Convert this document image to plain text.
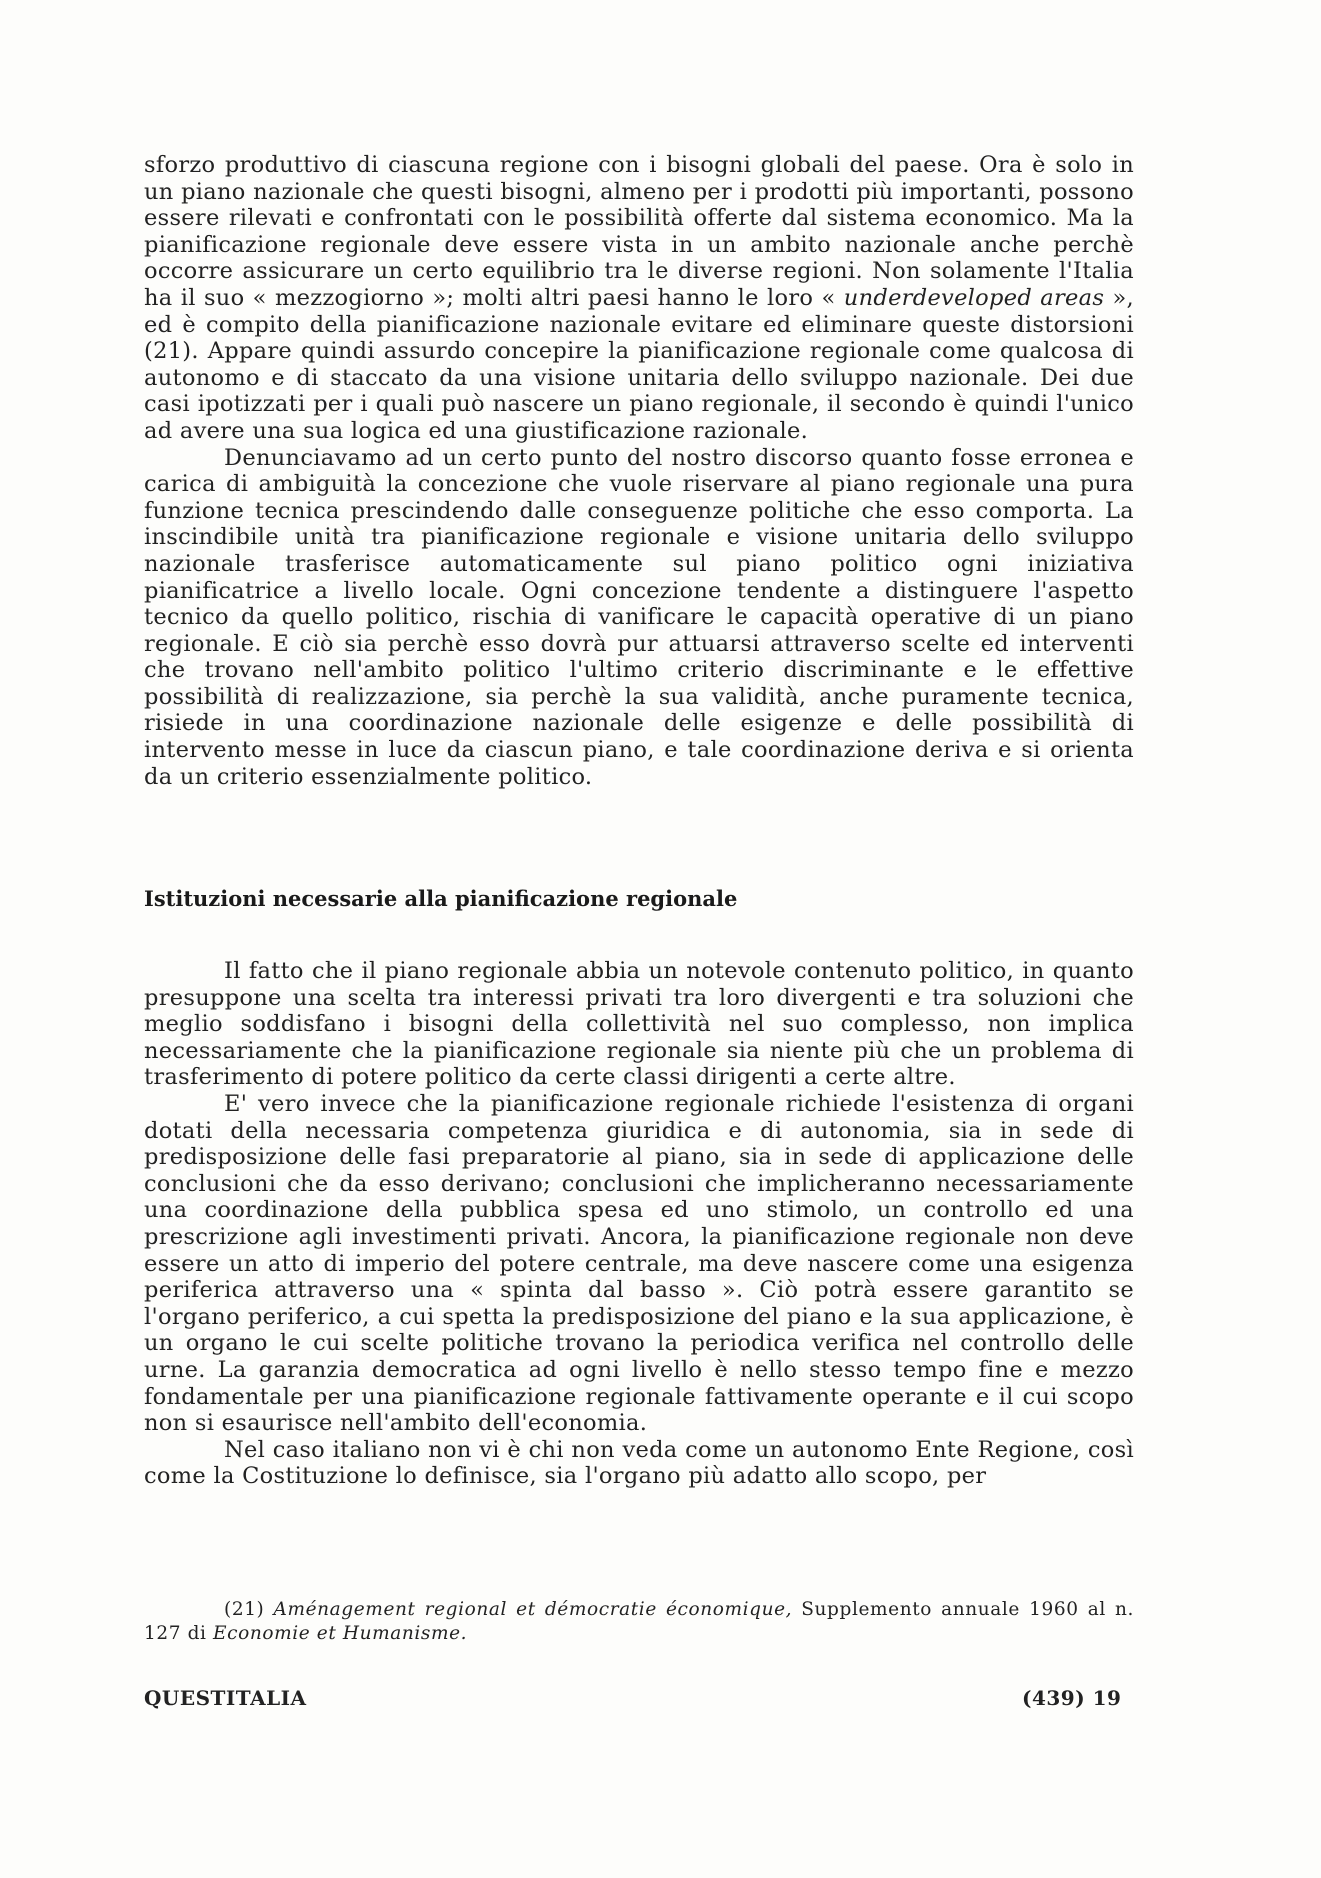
sforzo produttivo di ciascuna regione con i bisogni globali del paese. Ora è solo in un piano nazionale che questi bisogni, almeno per i prodotti più importanti, possono essere rilevati e confrontati con le possibilità offerte dal sistema economico. Ma la pianificazione regionale deve essere vista in un ambito nazionale anche perchè occorre assicurare un certo equilibrio tra le diverse regioni. Non solamente l'Italia ha il suo « mezzogiorno »; molti altri paesi hanno le loro « underdeveloped areas », ed è compito della pianificazione nazionale evitare ed eliminare queste distorsioni (21). Appare quindi assurdo concepire la pianificazione regionale come qualcosa di autonomo e di staccato da una visione unitaria dello sviluppo nazionale. Dei due casi ipotizzati per i quali può nascere un piano regionale, il secondo è quindi l'unico ad avere una sua logica ed una giustificazione razionale.

Denunciavamo ad un certo punto del nostro discorso quanto fosse erronea e carica di ambiguità la concezione che vuole riservare al piano regionale una pura funzione tecnica prescindendo dalle conseguenze politiche che esso comporta. La inscindibile unità tra pianificazione regionale e visione unitaria dello sviluppo nazionale trasferisce automaticamente sul piano politico ogni iniziativa pianificatrice a livello locale. Ogni concezione tendente a distinguere l'aspetto tecnico da quello politico, rischia di vanificare le capacità operative di un piano regionale. E ciò sia perchè esso dovrà pur attuarsi attraverso scelte ed interventi che trovano nell'ambito politico l'ultimo criterio discriminante e le effettive possibilità di realizzazione, sia perchè la sua validità, anche puramente tecnica, risiede in una coordinazione nazionale delle esigenze e delle possibilità di intervento messe in luce da ciascun piano, e tale coordinazione deriva e si orienta da un criterio essenzialmente politico.

Istituzioni necessarie alla pianificazione regionale

Il fatto che il piano regionale abbia un notevole contenuto politico, in quanto presuppone una scelta tra interessi privati tra loro divergenti e tra soluzioni che meglio soddisfano i bisogni della collettività nel suo complesso, non implica necessariamente che la pianificazione regionale sia niente più che un problema di trasferimento di potere politico da certe classi dirigenti a certe altre.

E' vero invece che la pianificazione regionale richiede l'esistenza di organi dotati della necessaria competenza giuridica e di autonomia, sia in sede di predisposizione delle fasi preparatorie al piano, sia in sede di applicazione delle conclusioni che da esso derivano; conclusioni che implicheranno necessariamente una coordinazione della pubblica spesa ed uno stimolo, un controllo ed una prescrizione agli investimenti privati. Ancora, la pianificazione regionale non deve essere un atto di imperio del potere centrale, ma deve nascere come una esigenza periferica attraverso una « spinta dal basso ». Ciò potrà essere garantito se l'organo periferico, a cui spetta la predisposizione del piano e la sua applicazione, è un organo le cui scelte politiche trovano la periodica verifica nel controllo delle urne. La garanzia democratica ad ogni livello è nello stesso tempo fine e mezzo fondamentale per una pianificazione regionale fattivamente operante e il cui scopo non si esaurisce nell'ambito dell'economia.

Nel caso italiano non vi è chi non veda come un autonomo Ente Regione, così come la Costituzione lo definisce, sia l'organo più adatto allo scopo, per

(21) Aménagement regional et démocratie économique, Supplemento annuale 1960 al n. 127 di Economie et Humanisme.

QUESTITALIA	(439) 19
